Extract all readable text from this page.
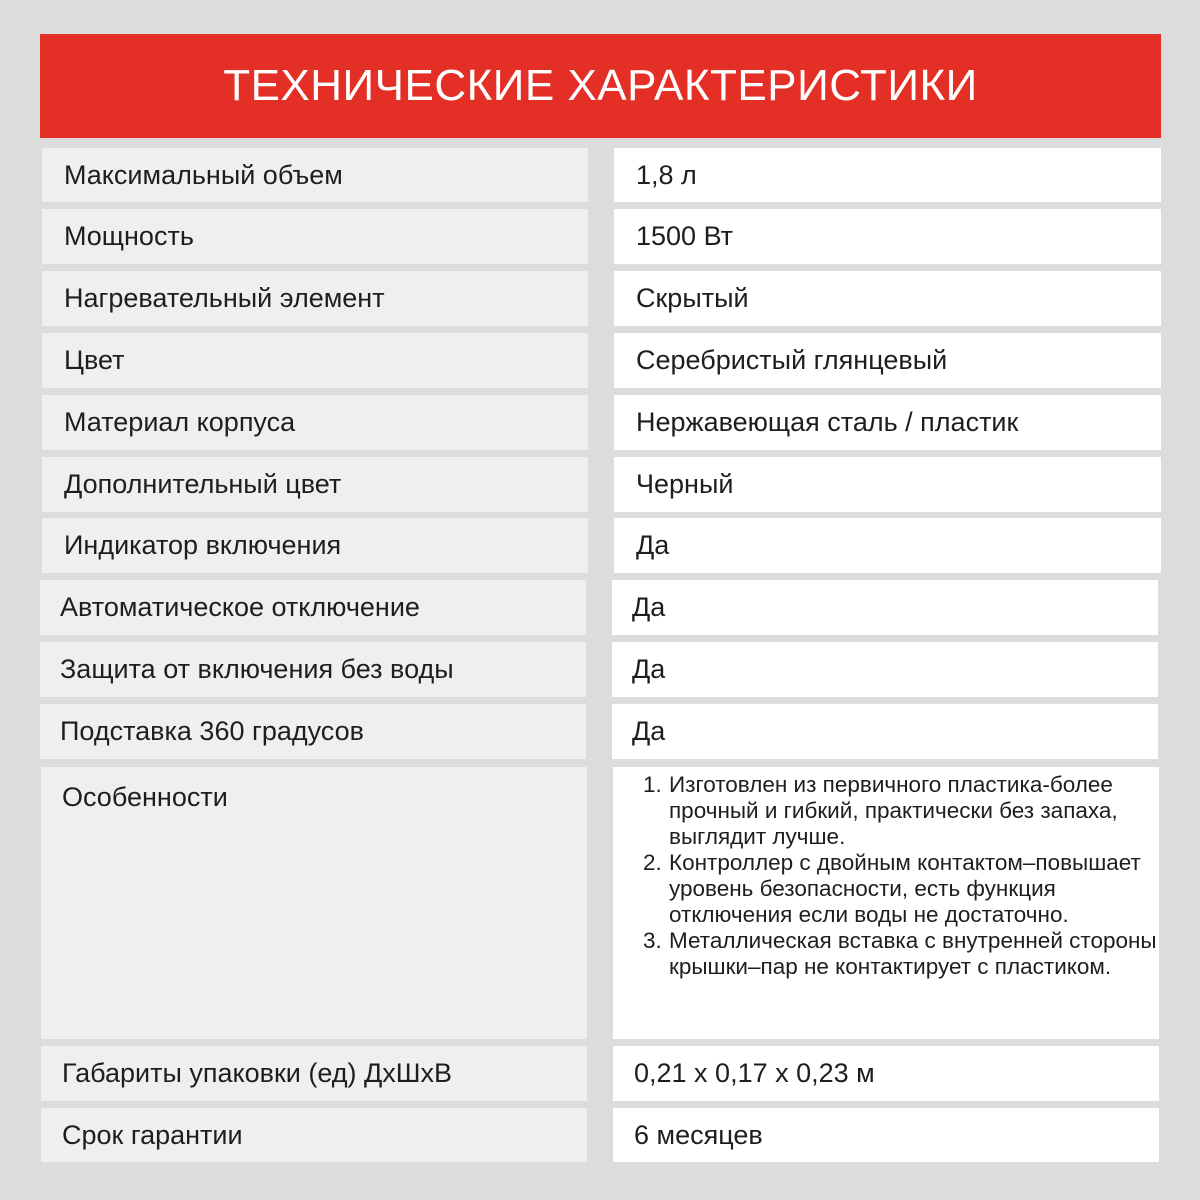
ТЕХНИЧЕСКИЕ ХАРАКТЕРИСТИКИ
Максимальный объем	1,8 л
Мощность	1500 Вт
Нагревательный элемент	Скрытый
Цвет	Серебристый глянцевый
Материал корпуса	Нержавеющая сталь / пластик
Дополнительный цвет	Черный
Индикатор включения	Да
Автоматическое отключение	Да
Защита от включения без воды	Да
Подставка 360 градусов	Да
Особенности	Изготовлен из первичного пластика-более прочный и гибкий, практически без запаха, выглядит лучше.
Контроллер с двойным контактом–повышает уровень безопасности, есть функция отключения если воды не достаточно.
Металлическая вставка с внутренней стороны крышки–пар не контактирует с пластиком.
Габариты упаковки (ед) ДхШхВ	0,21 х 0,17 х 0,23 м
Срок гарантии	6 месяцев
